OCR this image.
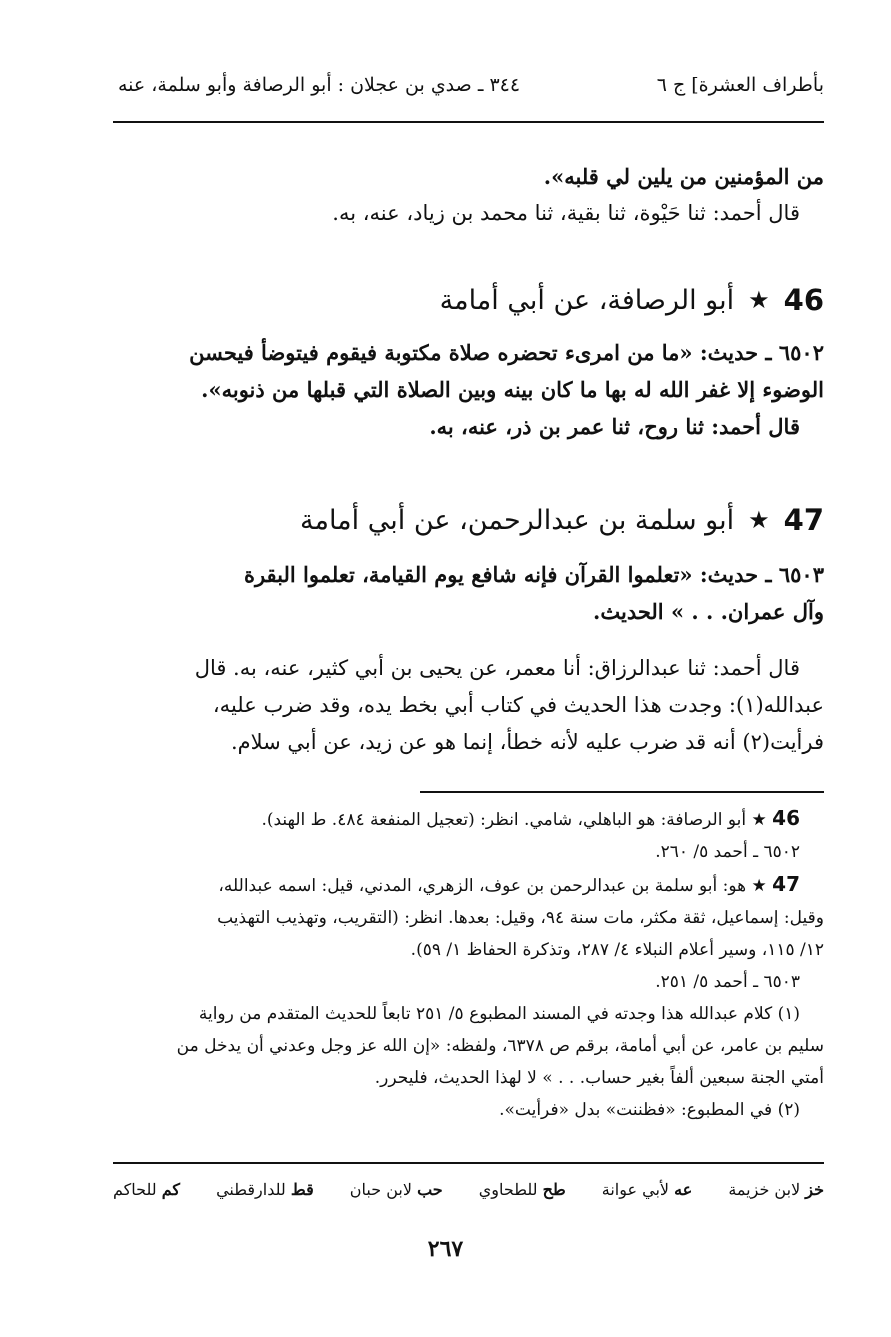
بأطراف العشرة] ج ٦
٣٤٤ ـ صدي بن عجلان : أبو الرصافة وأبو سلمة، عنه
من المؤمنين من يلين لي قلبه».
قال أحمد: ثنا حَيْوة، ثنا بقية، ثنا محمد بن زياد، عنه، به.
46
★
أبو الرصافة، عن أبي أمامة
٦٥٠٢ ـ حديث: «ما من امرىء تحضره صلاة مكتوبة فيقوم فيتوضأ فيحسن
الوضوء إلا غفر الله له بها ما كان بينه وبين الصلاة التي قبلها من ذنوبه».
قال أحمد: ثنا روح، ثنا عمر بن ذر، عنه، به.
47
★
أبو سلمة بن عبدالرحمن، عن أبي أمامة
٦٥٠٣ ـ حديث: «تعلموا القرآن فإنه شافع يوم القيامة، تعلموا البقرة
وآل عمران. . . » الحديث.
قال أحمد: ثنا عبدالرزاق: أنا معمر، عن يحيى بن أبي كثير، عنه، به. قال
عبدالله(١): وجدت هذا الحديث في كتاب أبي بخط يده، وقد ضرب عليه،
فرأيت(٢) أنه قد ضرب عليه لأنه خطأ، إنما هو عن زيد، عن أبي سلام.
46 ★ أبو الرصافة: هو الباهلي، شامي. انظر: (تعجيل المنفعة ٤٨٤. ط الهند).
٦٥٠٢ ـ أحمد ٥/ ٢٦٠.
47 ★ هو: أبو سلمة بن عبدالرحمن بن عوف، الزهري، المدني، قيل: اسمه عبدالله،
وقيل: إسماعيل، ثقة مكثر، مات سنة ٩٤، وقيل: بعدها. انظر: (التقريب، وتهذيب التهذيب
١٢/ ١١٥، وسير أعلام النبلاء ٤/ ٢٨٧، وتذكرة الحفاظ ١/ ٥٩).
٦٥٠٣ ـ أحمد ٥/ ٢٥١.
(١) كلام عبدالله هذا وجدته في المسند المطبوع ٥/ ٢٥١ تابعاً للحديث المتقدم من رواية
سليم بن عامر، عن أبي أمامة، برقم ص ٦٣٧٨، ولفظه: «إن الله عز وجل وعدني أن يدخل من
أمتي الجنة سبعين ألفاً بغير حساب. . . » لا لهذا الحديث، فليحرر.
(٢) في المطبوع: «فظننت» بدل «فرأيت».
خز لابن خزيمة
عه لأبي عوانة
طح للطحاوي
حب لابن حبان
قط للدارقطني
كم للحاكم
٢٦٧
